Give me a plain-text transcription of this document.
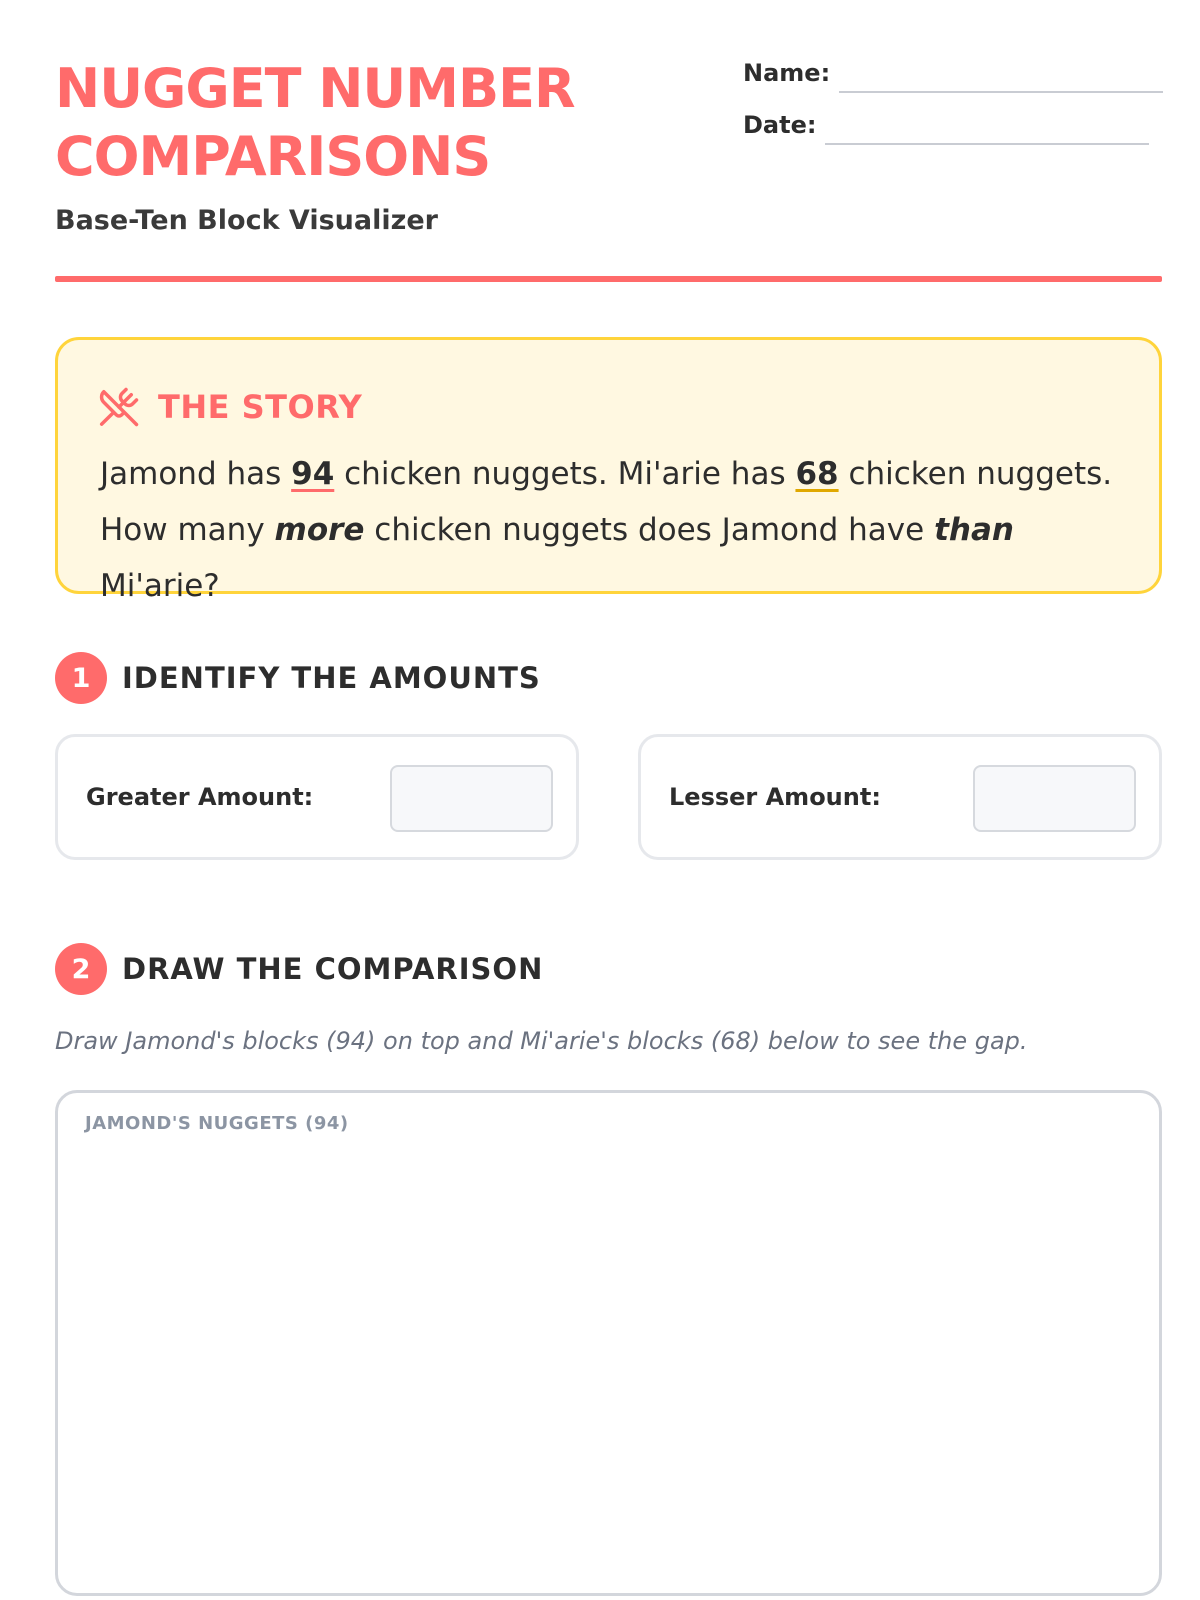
NUGGET NUMBER
COMPARISONS
Base-Ten Block Visualizer
Name:
Date:
THE STORY
Jamond has 94 chicken nuggets. Mi'arie has 68 chicken nuggets. How many more chicken nuggets does Jamond have than Mi'arie?
1	IDENTIFY THE AMOUNTS
Greater Amount:	Lesser Amount:
2	DRAW THE COMPARISON
Draw Jamond's blocks (94) on top and Mi'arie's blocks (68) below to see the gap.
JAMOND'S NUGGETS (94)
